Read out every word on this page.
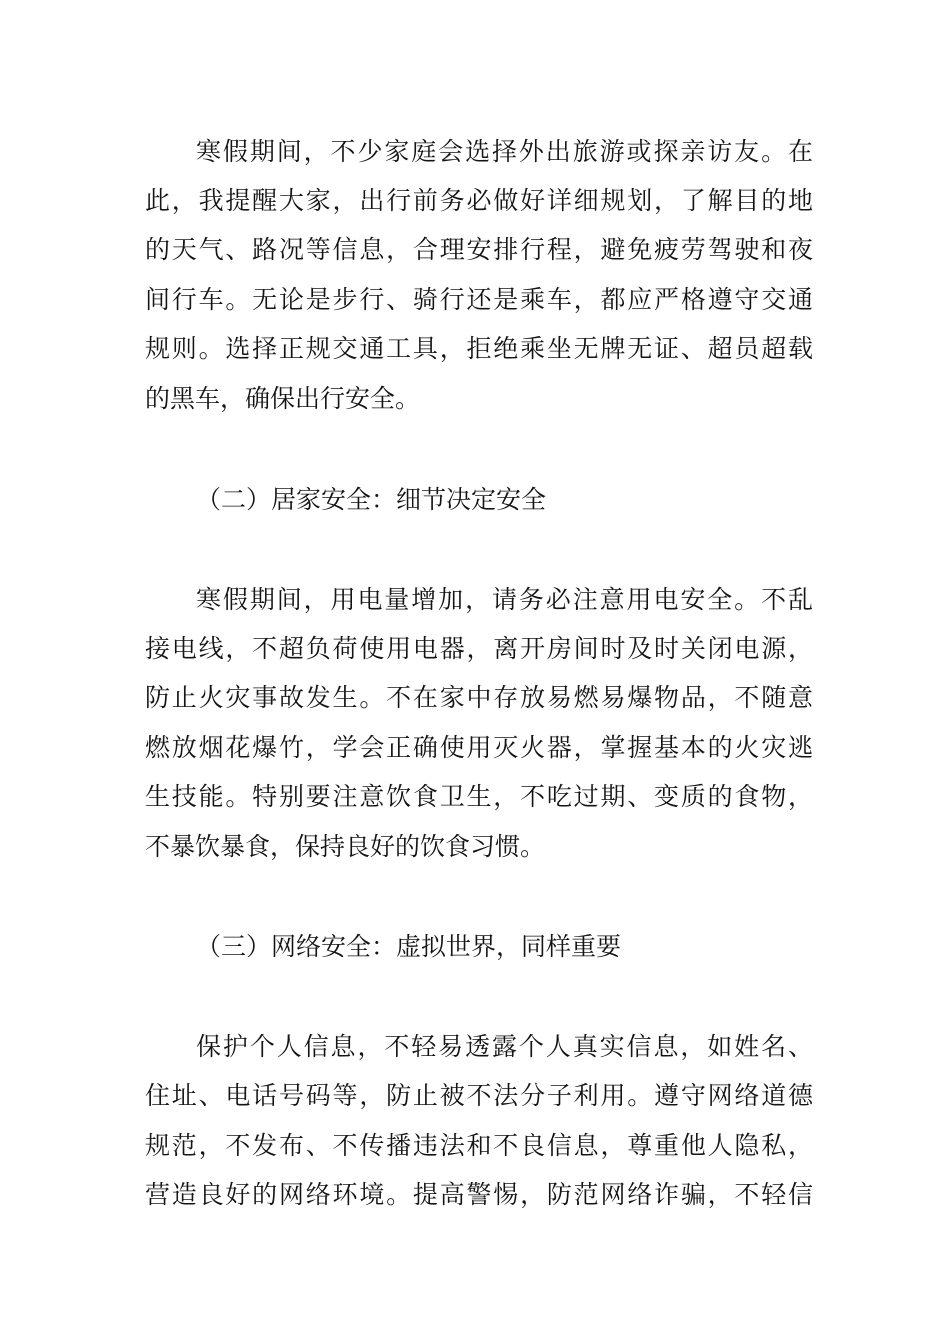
寒假期间，不少家庭会选择外出旅游或探亲访友。在

此，我提醒大家，出行前务必做好详细规划，了解目的地

的天气、路况等信息，合理安排行程，避免疲劳驾驶和夜

间行车。无论是步行、骑行还是乘车，都应严格遵守交通

规则。选择正规交通工具，拒绝乘坐无牌无证、超员超载

的黑车，确保出行安全。

（二）居家安全：细节决定安全

寒假期间，用电量增加，请务必注意用电安全。不乱

接电线，不超负荷使用电器，离开房间时及时关闭电源，

防止火灾事故发生。不在家中存放易燃易爆物品，不随意

燃放烟花爆竹，学会正确使用灭火器，掌握基本的火灾逃

生技能。特别要注意饮食卫生，不吃过期、变质的食物，

不暴饮暴食，保持良好的饮食习惯。

（三）网络安全：虚拟世界，同样重要

保护个人信息，不轻易透露个人真实信息，如姓名、

住址、电话号码等，防止被不法分子利用。遵守网络道德

规范，不发布、不传播违法和不良信息，尊重他人隐私，

营造良好的网络环境。提高警惕，防范网络诈骗，不轻信
